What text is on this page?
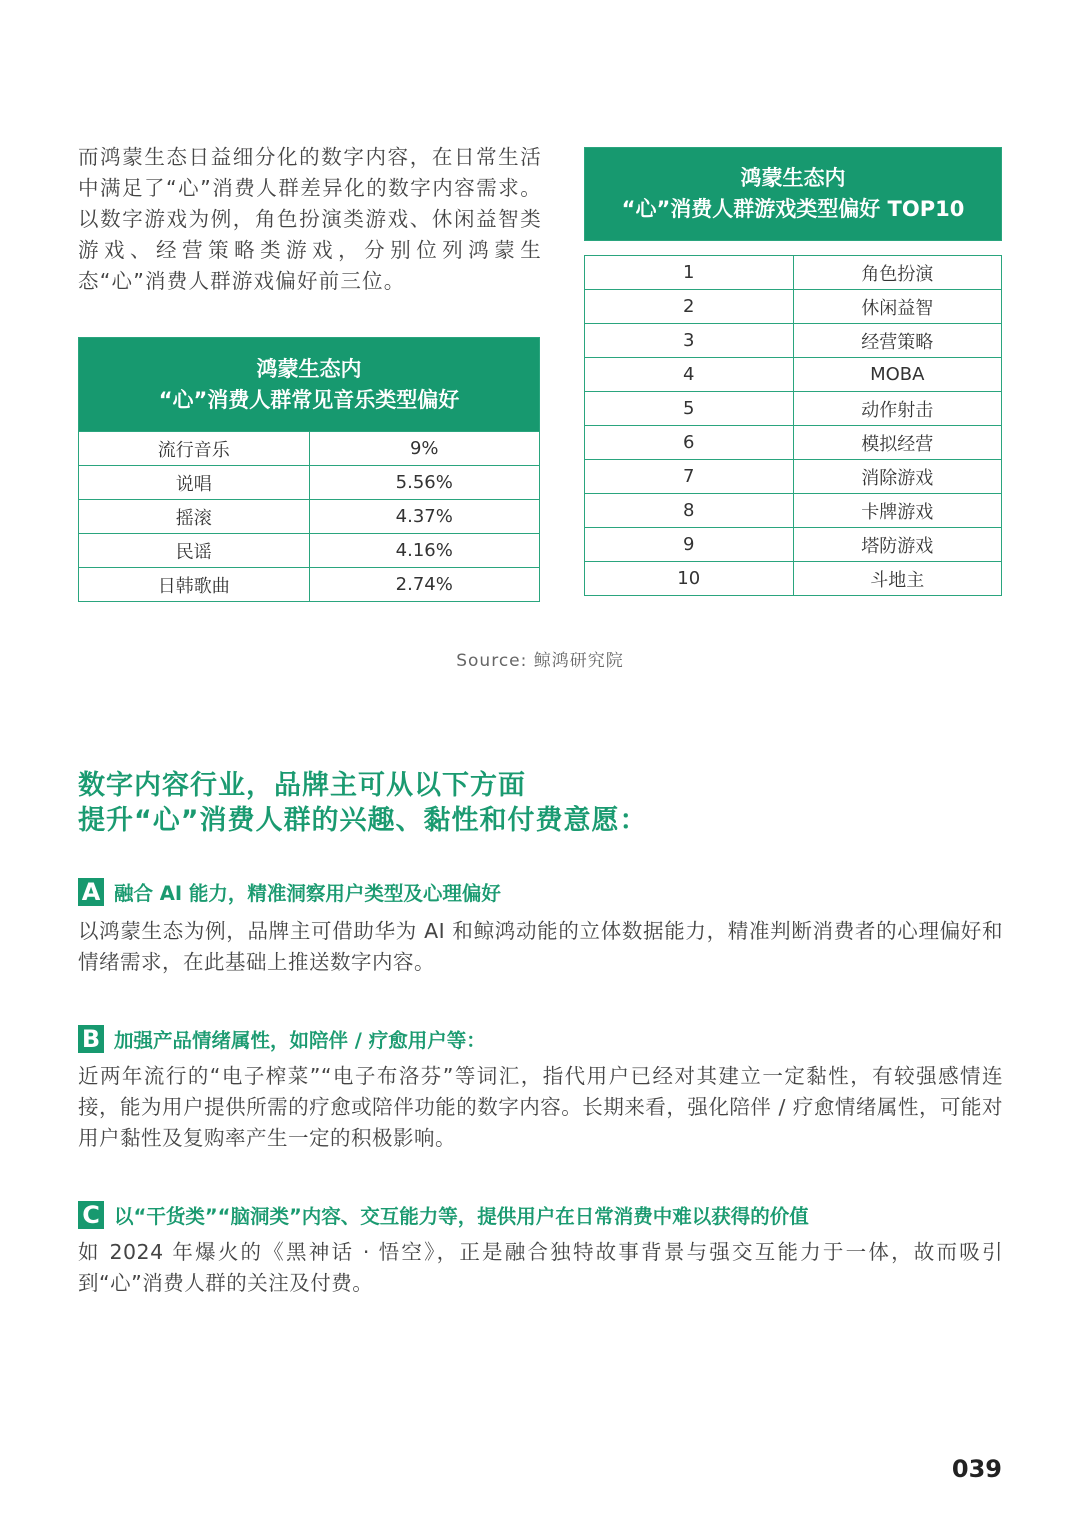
而鸿蒙生态日益细分化的数字内容，在日常生活中满足了“心”消费人群差异化的数字内容需求。以数字游戏为例，角色扮演类游戏、休闲益智类游戏、经营策略类游戏，分别位列鸿蒙生态“心”消费人群游戏偏好前三位。
鸿蒙生态内
“心”消费人群常见音乐类型偏好	

流行音乐	9%
说唱	5.56%
摇滚	4.37%
民谣	4.16%
日韩歌曲	2.74%
鸿蒙生态内
“心”消费人群游戏类型偏好 TOP10	

1	角色扮演
2	休闲益智
3	经营策略
4	MOBA
5	动作射击
6	模拟经营
7	消除游戏
8	卡牌游戏
9	塔防游戏
10	斗地主
Source: 鲸鸿研究院
数字内容行业，品牌主可从以下方面
提升“心”消费人群的兴趣、黏性和付费意愿：
A 融合 AI 能力，精准洞察用户类型及心理偏好
以鸿蒙生态为例，品牌主可借助华为 AI 和鲸鸿动能的立体数据能力，精准判断消费者的心理偏好和情绪需求，在此基础上推送数字内容。
B 加强产品情绪属性，如陪伴 / 疗愈用户等：
近两年流行的“电子榨菜”“电子布洛芬”等词汇，指代用户已经对其建立一定黏性，有较强感情连接，能为用户提供所需的疗愈或陪伴功能的数字内容。长期来看，强化陪伴 / 疗愈情绪属性，可能对用户黏性及复购率产生一定的积极影响。
C 以“干货类”“脑洞类”内容、交互能力等，提供用户在日常消费中难以获得的价值
如 2024 年爆火的《黑神话 · 悟空》，正是融合独特故事背景与强交互能力于一体，故而吸引到“心”消费人群的关注及付费。
039
